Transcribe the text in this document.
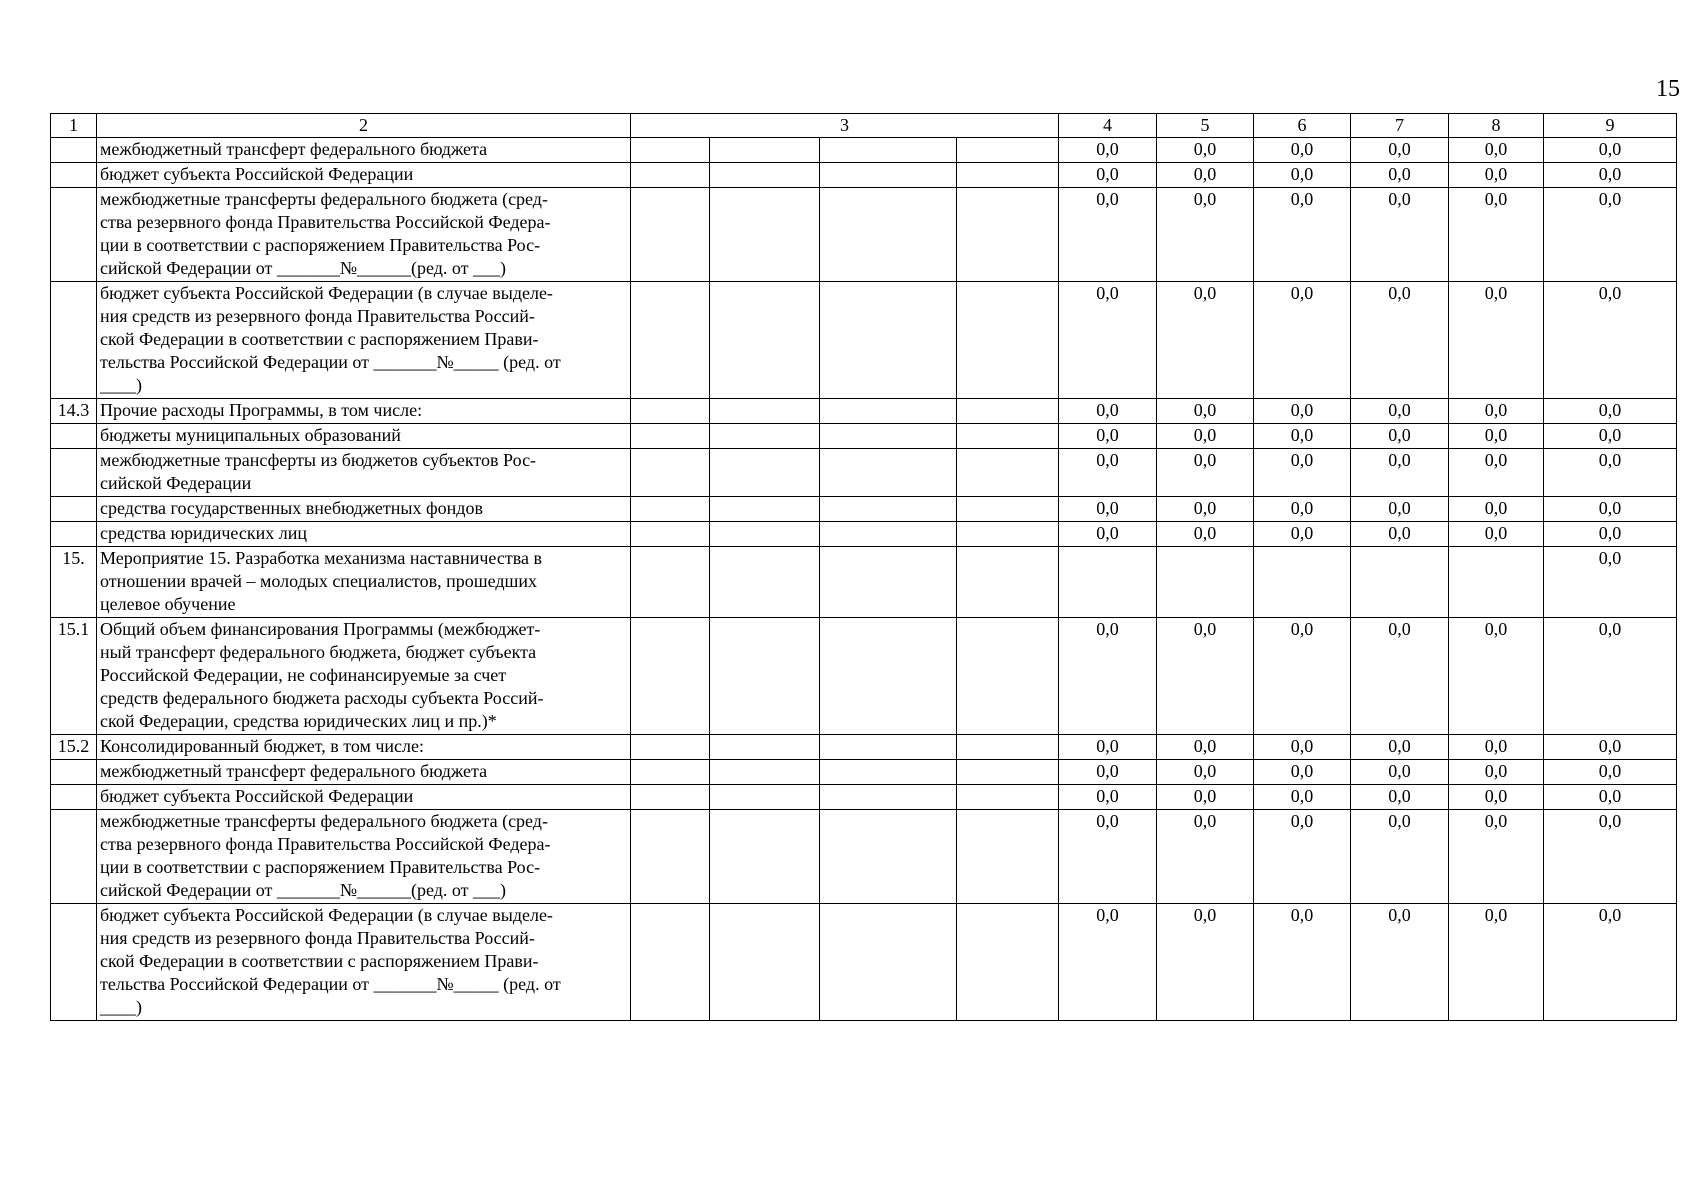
15
1	2	3				4	5	6	7	8	9

	межбюджетный трансферт федерального бюджета					0,0	0,0	0,0	0,0	0,0	0,0

	бюджет субъекта Российской Федерации					0,0	0,0	0,0	0,0	0,0	0,0

	межбюджетные трансферты федерального бюджета (сред-
ства резервного фонда Правительства Российской Федера-
ции в соответствии с распоряжением Правительства Рос-
сийской Федерации от _______№______(ред. от ___)					0,0	0,0	0,0	0,0	0,0	0,0

	бюджет субъекта Российской Федерации (в случае выделе-
ния средств из резервного фонда Правительства Россий-
ской Федерации в соответствии с распоряжением Прави-
тельства Российской Федерации от _______№_____ (ред. от
____)					0,0	0,0	0,0	0,0	0,0	0,0
14.3	Прочие расходы Программы, в том числе:					0,0	0,0	0,0	0,0	0,0	0,0

	бюджеты муниципальных образований					0,0	0,0	0,0	0,0	0,0	0,0

	межбюджетные трансферты из бюджетов субъектов Рос-
сийской Федерации					0,0	0,0	0,0	0,0	0,0	0,0

	средства государственных внебюджетных фондов					0,0	0,0	0,0	0,0	0,0	0,0

	средства юридических лиц					0,0	0,0	0,0	0,0	0,0	0,0
15.	Мероприятие 15. Разработка механизма наставничества в
отношении врачей – молодых специалистов, прошедших
целевое обучение										0,0
15.1	Общий объем финансирования Программы (межбюджет-
ный трансферт федерального бюджета, бюджет субъекта
Российской Федерации, не софинансируемые за счет
средств федерального бюджета расходы субъекта Россий-
ской Федерации, средства юридических лиц и пр.)*					0,0	0,0	0,0	0,0	0,0	0,0
15.2	Консолидированный бюджет, в том числе:					0,0	0,0	0,0	0,0	0,0	0,0

	межбюджетный трансферт федерального бюджета					0,0	0,0	0,0	0,0	0,0	0,0

	бюджет субъекта Российской Федерации					0,0	0,0	0,0	0,0	0,0	0,0

	межбюджетные трансферты федерального бюджета (сред-
ства резервного фонда Правительства Российской Федера-
ции в соответствии с распоряжением Правительства Рос-
сийской Федерации от _______№______(ред. от ___)					0,0	0,0	0,0	0,0	0,0	0,0

	бюджет субъекта Российской Федерации (в случае выделе-
ния средств из резервного фонда Правительства Россий-
ской Федерации в соответствии с распоряжением Прави-
тельства Российской Федерации от _______№_____ (ред. от
____)					0,0	0,0	0,0	0,0	0,0	0,0
